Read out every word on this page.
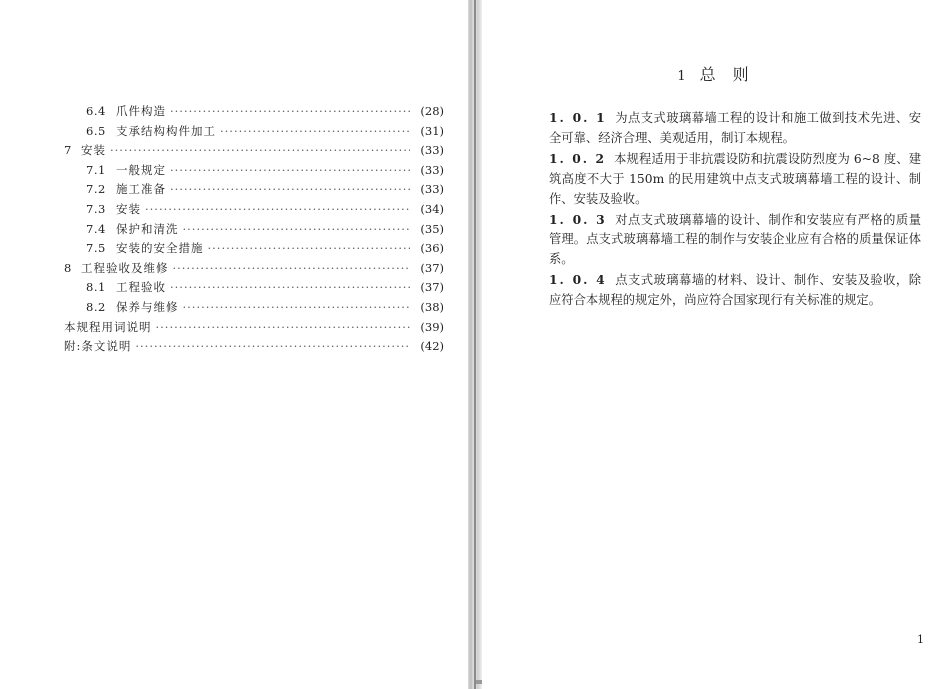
6.4 爪件构造 ·····	(28)
6.5 支承结构构件加工 ·····	(31)
7 安装 ·····	(33)
7.1 一般规定 ·····	(33)
7.2 施工准备 ·····	(33)
7.3 安装 ·····	(34)
7.4 保护和清洗 ·····	(35)
7.5 安装的安全措施 ·····	(36)
8 工程验收及维修 ·····	(37)
8.1 工程验收 ·····	(37)
8.2 保养与维修 ·····	(38)
本规程用词说明 ·····	(39)
附:条文说明 ·····	(42)
1 总 则

1. 0. 1 为点支式玻璃幕墙工程的设计和施工做到技术先进、安全可靠、经济合理、美观适用，制订本规程。

1. 0. 2 本规程适用于非抗震设防和抗震设防烈度为 6~8 度、建筑高度不大于 150m 的民用建筑中点支式玻璃幕墙工程的设计、制作、安装及验收。

1. 0. 3 对点支式玻璃幕墙的设计、制作和安装应有严格的质量管理。点支式玻璃幕墙工程的制作与安装企业应有合格的质量保证体系。

1. 0. 4 点支式玻璃幕墙的材料、设计、制作、安装及验收，除应符合本规程的规定外，尚应符合国家现行有关标准的规定。

1
